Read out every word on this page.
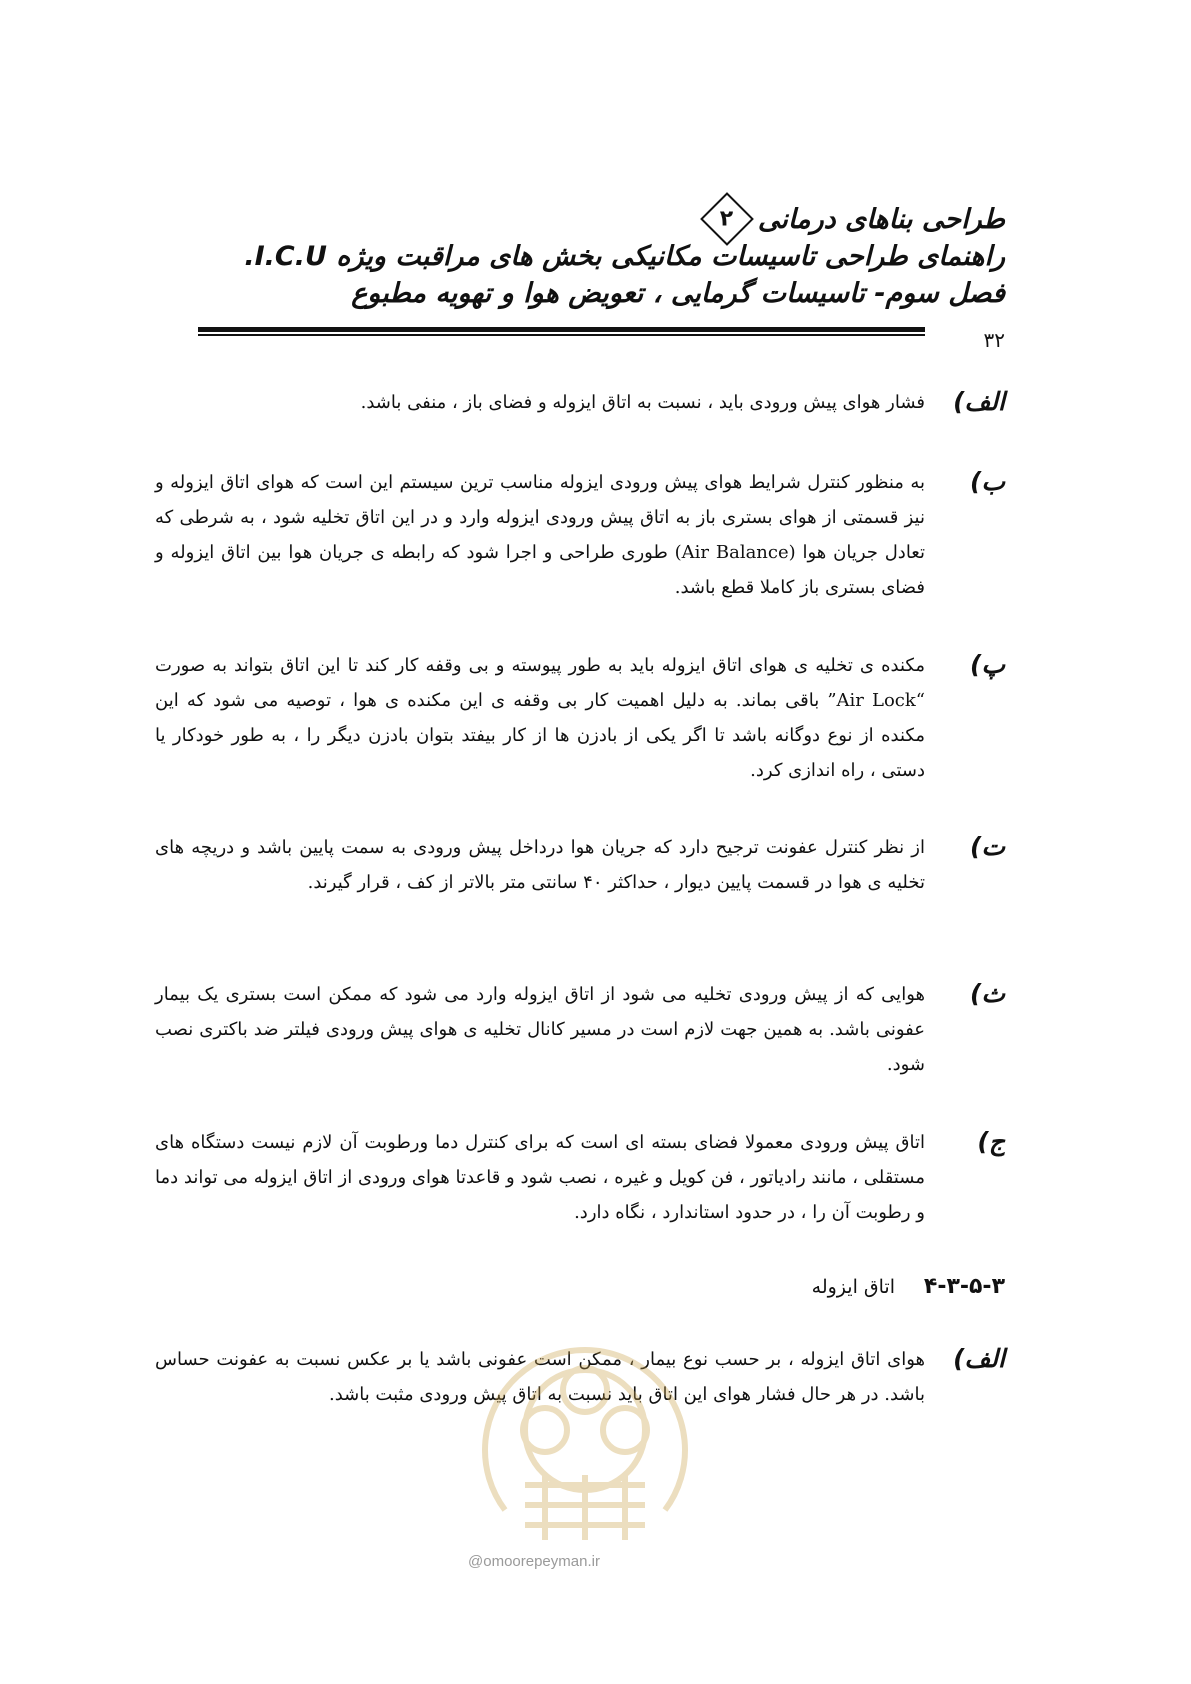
طراحی بناهای درمانی
۲
راهنمای طراحی تاسیسات مکانیکی بخش های مراقبت ویژه I.C.U.
فصل سوم- تاسیسات گرمایی ، تعویض هوا و تهویه مطبوع
۳۲
الف)
فشار هوای پیش ورودی باید ، نسبت به اتاق ایزوله و فضای باز ، منفی باشد.
ب)
به منظور کنترل شرایط هوای پیش ورودی ایزوله مناسب ترین سیستم این است که هوای اتاق ایزوله و نیز قسمتی از هوای بستری باز به اتاق پیش ورودی ایزوله وارد و در این اتاق تخلیه شود ، به شرطی که تعادل جریان هوا (Air Balance) طوری طراحی و اجرا شود که رابطه ی جریان هوا بین اتاق ایزوله و فضای بستری باز کاملا قطع باشد.
پ)
مکنده ی تخلیه ی هوای اتاق ایزوله باید به طور پیوسته و بی وقفه کار کند تا این اتاق بتواند به صورت “Air Lock” باقی بماند. به دلیل اهمیت کار بی وقفه ی این مکنده ی هوا ، توصیه می شود که این مکنده از نوع دوگانه باشد تا اگر یکی از بادزن ها از کار بیفتد بتوان بادزن دیگر را ، به طور خودکار یا دستی ، راه اندازی کرد.
ت)
از نظر کنترل عفونت ترجیح دارد که جریان هوا درداخل پیش ورودی به سمت پایین باشد و دریچه های تخلیه ی هوا در قسمت پایین دیوار ، حداکثر ۴۰ سانتی متر بالاتر از کف ، قرار گیرند.
ث)
هوایی که از پیش ورودی تخلیه می شود از اتاق ایزوله وارد می شود که ممکن است بستری یک بیمار عفونی باشد. به همین جهت لازم است در مسیر کانال تخلیه ی هوای پیش ورودی فیلتر ضد باکتری نصب شود.
ج)
اتاق پیش ورودی معمولا فضای بسته ای است که برای کنترل دما ورطوبت آن لازم نیست دستگاه های مستقلی ، مانند رادیاتور ، فن کویل و غیره ، نصب شود و قاعدتا هوای ورودی از اتاق ایزوله می تواند دما و رطوبت آن را ، در حدود استاندارد ، نگاه دارد.
۴-۳-۵-۳
اتاق ایزوله
الف)
هوای اتاق ایزوله ، بر حسب نوع بیمار ، ممکن است عفونی باشد یا بر عکس نسبت به عفونت حساس باشد. در هر حال فشار هوای این اتاق باید نسبت به اتاق پیش ورودی مثبت باشد.
@omoorepeyman.ir
